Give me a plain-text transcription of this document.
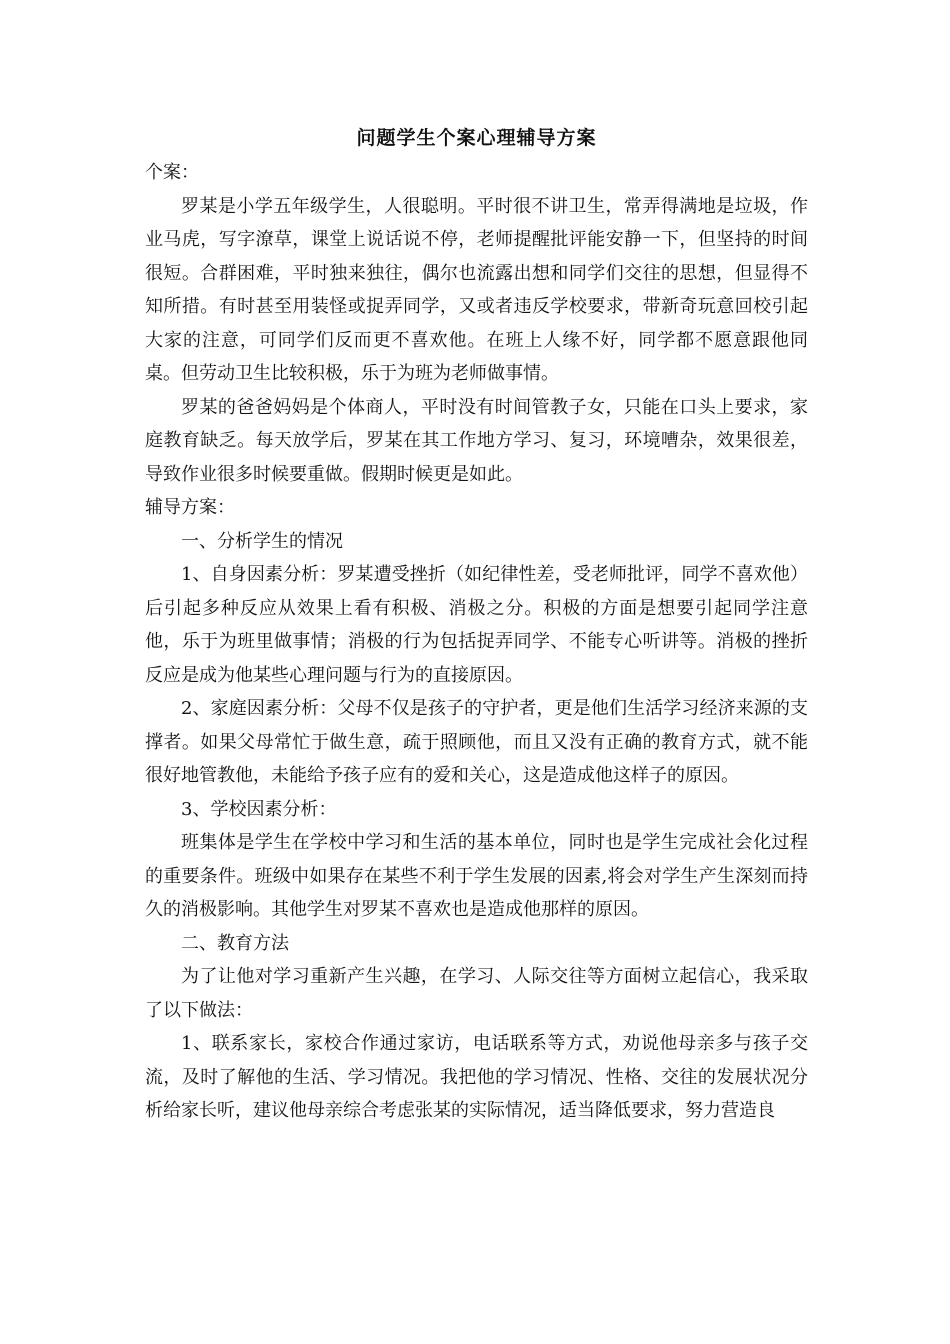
问题学生个案心理辅导方案

个案：

罗某是小学五年级学生，人很聪明。平时很不讲卫生，常弄得满地是垃圾，作业马虎，写字潦草，课堂上说话说不停，老师提醒批评能安静一下，但坚持的时间很短。合群困难，平时独来独往，偶尔也流露出想和同学们交往的思想，但显得不知所措。有时甚至用装怪或捉弄同学，又或者违反学校要求，带新奇玩意回校引起大家的注意，可同学们反而更不喜欢他。在班上人缘不好，同学都不愿意跟他同桌。但劳动卫生比较积极，乐于为班为老师做事情。

罗某的爸爸妈妈是个体商人，平时没有时间管教子女，只能在口头上要求，家庭教育缺乏。每天放学后，罗某在其工作地方学习、复习，环境嘈杂，效果很差，导致作业很多时候要重做。假期时候更是如此。

辅导方案：

一、分析学生的情况

1、自身因素分析：罗某遭受挫折（如纪律性差，受老师批评，同学不喜欢他）后引起多种反应从效果上看有积极、消极之分。积极的方面是想要引起同学注意他，乐于为班里做事情；消极的行为包括捉弄同学、不能专心听讲等。消极的挫折反应是成为他某些心理问题与行为的直接原因。

2、家庭因素分析：父母不仅是孩子的守护者，更是他们生活学习经济来源的支撑者。如果父母常忙于做生意，疏于照顾他，而且又没有正确的教育方式，就不能很好地管教他，未能给予孩子应有的爱和关心，这是造成他这样子的原因。

3、学校因素分析：

班集体是学生在学校中学习和生活的基本单位，同时也是学生完成社会化过程的重要条件。班级中如果存在某些不利于学生发展的因素,将会对学生产生深刻而持久的消极影响。其他学生对罗某不喜欢也是造成他那样的原因。

二、教育方法

为了让他对学习重新产生兴趣，在学习、人际交往等方面树立起信心，我采取了以下做法：

1、联系家长，家校合作通过家访，电话联系等方式，劝说他母亲多与孩子交流，及时了解他的生活、学习情况。我把他的学习情况、性格、交往的发展状况分析给家长听，建议他母亲综合考虑张某的实际情况，适当降低要求，努力营造良
